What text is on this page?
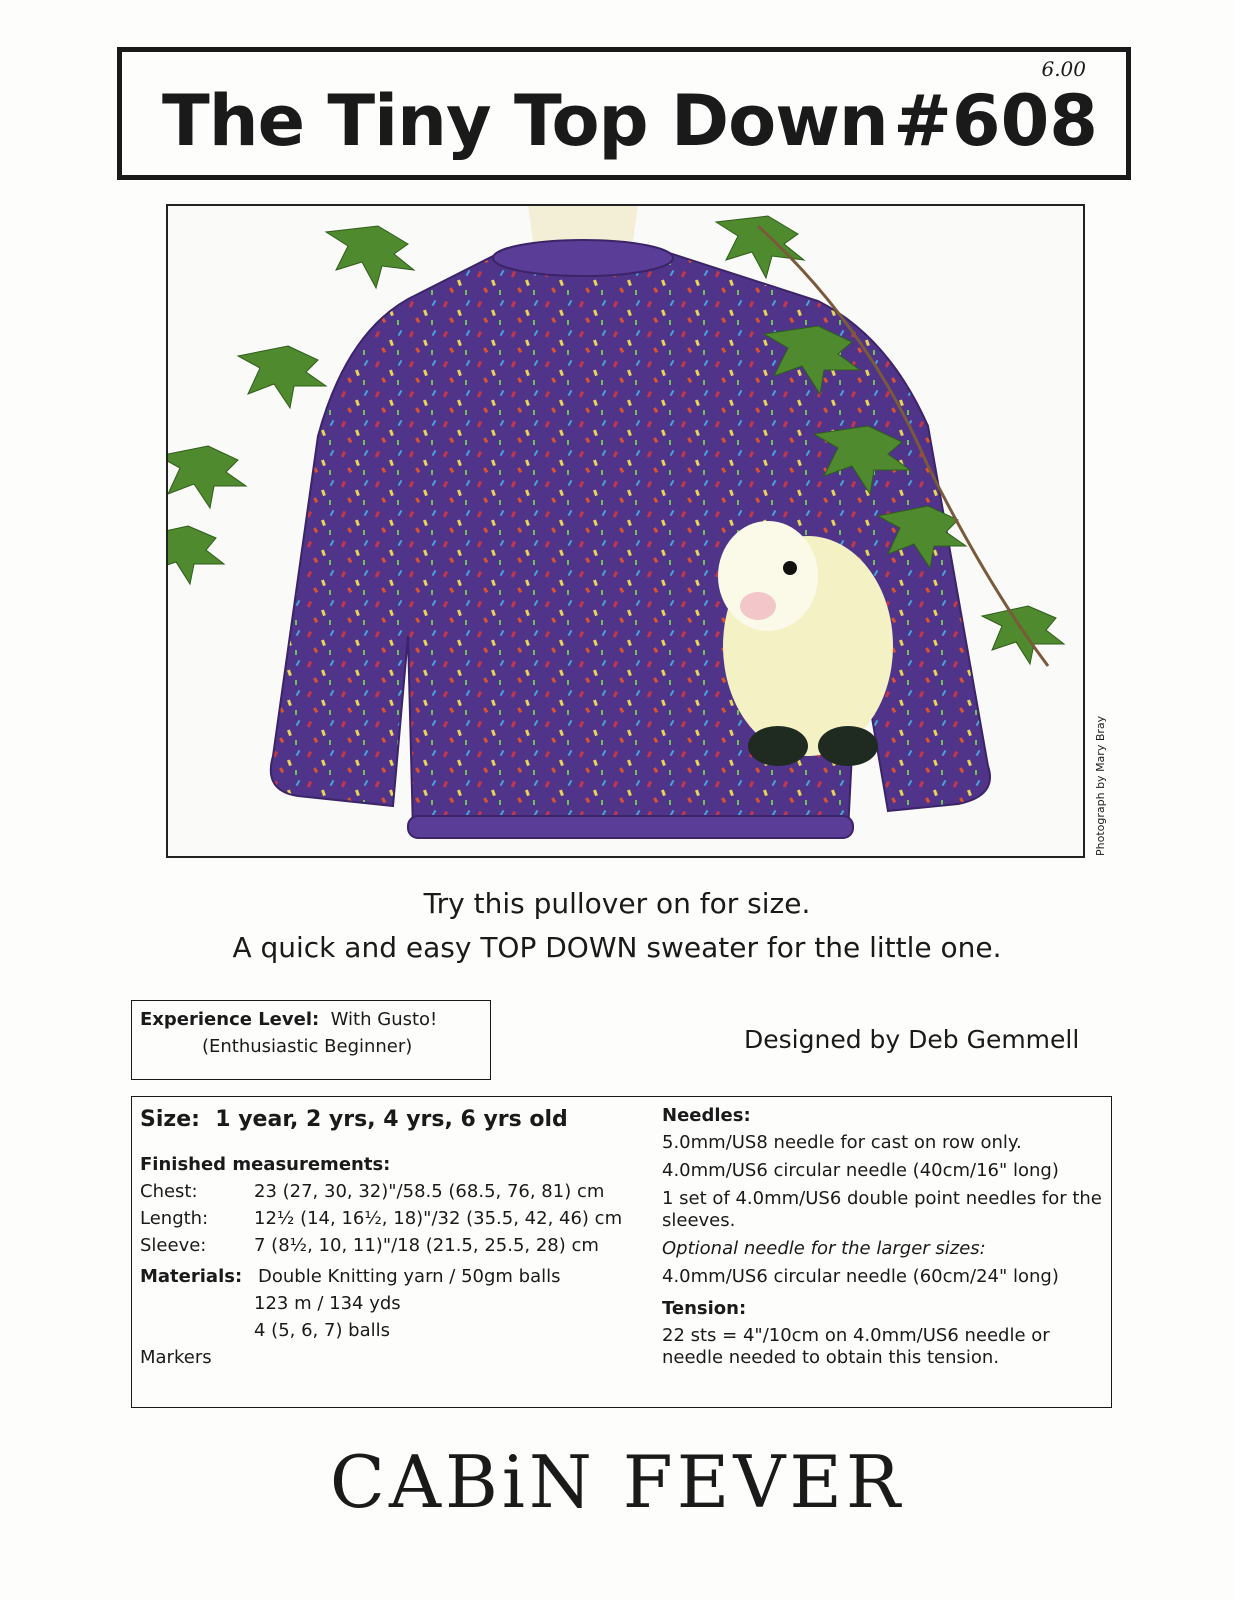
The Tiny Top Down
6.00
#608
Photograph by Mary Bray
Try this pullover on for size.
A quick and easy TOP DOWN sweater for the little one.
Experience Level: With Gusto!
(Enthusiastic Beginner)	Designed by Deb Gemmell
Size: 1 year, 2 yrs, 4 yrs, 6 yrs old
Finished measurements:
Chest:	23 (27, 30, 32)"/58.5 (68.5, 76, 81) cm
Length:	12½ (14, 16½, 18)"/32 (35.5, 42, 46) cm
Sleeve:	7 (8½, 10, 11)"/18 (21.5, 25.5, 28) cm
Materials: Double Knitting yarn / 50gm balls
123 m / 134 yds
4 (5, 6, 7) balls
Markers
Needles:
5.0mm/US8 needle for cast on row only.
4.0mm/US6 circular needle (40cm/16" long)
1 set of 4.0mm/US6 double point needles for the sleeves.
Optional needle for the larger sizes:
4.0mm/US6 circular needle (60cm/24" long)
Tension:
22 sts = 4"/10cm on 4.0mm/US6 needle or needle needed to obtain this tension.
CABiN FEVER
